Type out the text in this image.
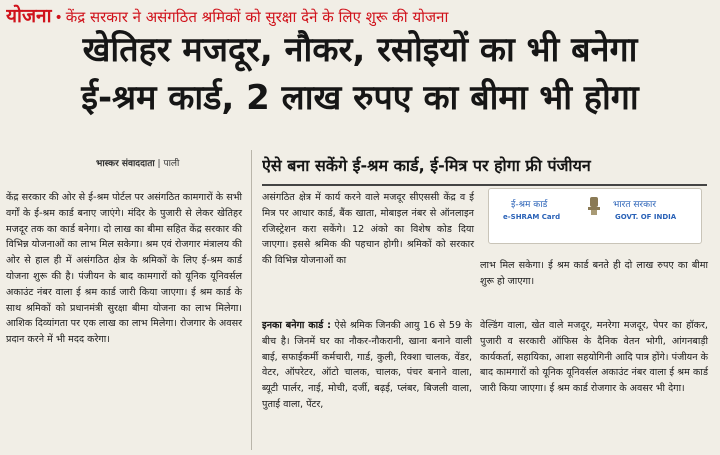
योजना • केंद्र सरकार ने असंगठित श्रमिकों को सुरक्षा देने के लिए शुरू की योजना
खेतिहर मजदूर, नौकर, रसोइयों का भी बनेगा
ई-श्रम कार्ड, 2 लाख रुपए का बीमा भी होगा
भास्कर संवाददाता | पाली	ऐसे बना सकेंगे ई-श्रम कार्ड, ई-मित्र पर होगा फ्री पंजीयन

केंद्र सरकार की ओर से ई-श्रम पोर्टल पर असंगठित कामगारों के सभी वर्गों के ई-श्रम कार्ड बनाए जाएंगे। मंदिर के पुजारी से लेकर खेतिहर मजदूर तक का कार्ड बनेगा। दो लाख का बीमा सहित केंद्र सरकार की विभिन्न योजनाओं का लाभ मिल सकेगा। श्रम एवं रोजगार मंत्रालय की ओर से हाल ही में असंगठित क्षेत्र के श्रमिकों के लिए ई-श्रम कार्ड योजना शुरू की है। पंजीयन के बाद कामगारों को यूनिक यूनिवर्सल अकाउंट नंबर वाला ई श्रम कार्ड जारी किया जाएगा। ई श्रम कार्ड के साथ श्रमिकों को प्रधानमंत्री सुरक्षा बीमा योजना का लाभ मिलेगा। आशिक दिव्यांगता पर एक लाख का लाभ मिलेगा। रोजगार के अवसर प्रदान करने में भी मदद करेगा।

असंगठित क्षेत्र में कार्य करने वाले मजदूर सीएससी केंद्र व ई मित्र पर आधार कार्ड, बैंक खाता, मोबाइल नंबर से ऑनलाइन रजिस्ट्रेशन करा सकेंगे। 12 अंको का विशेष कोड दिया जाएगा। इससे श्रमिक की पहचान होगी। श्रमिकों को सरकार की विभिन्न योजनाओं का

ई-श्रम कार्ड
e-SHRAM Card
भारत सरकार
GOVT. OF INDIA

लाभ मिल सकेगा। ई श्रम कार्ड बनते ही दो लाख रुपए का बीमा शुरू हो जाएगा।

इनका बनेगा कार्ड : ऐसे श्रमिक जिनकी आयु 16 से 59 के बीच है। जिनमें घर का नौकर-नौकरानी, खाना बनाने वाली बाई, सफाईकर्मी कर्मचारी, गार्ड, कुली, रिक्शा चालक, वेंडर, वेटर, ऑपरेटर, ऑटो चालक, चालक, पंचर बनाने वाला, ब्यूटी पार्लर, नाई, मोची, दर्जी, बढ़ई, प्लंबर, बिजली वाला, पुताई वाला, पेंटर,

वेल्डिंग वाला, खेत वाले मजदूर, मनरेगा मजदूर, पेपर का हॉकर, पुजारी व सरकारी ऑफिस के दैनिक वेतन भोगी, आंगनबाड़ी कार्यकर्ता, सहायिका, आशा सहयोगिनी आदि पात्र होंगे। पंजीयन के बाद कामगारों को यूनिक यूनिवर्सल अकाउंट नंबर वाला ई श्रम कार्ड जारी किया जाएगा। ई श्रम कार्ड रोजगार के अवसर भी देगा।
